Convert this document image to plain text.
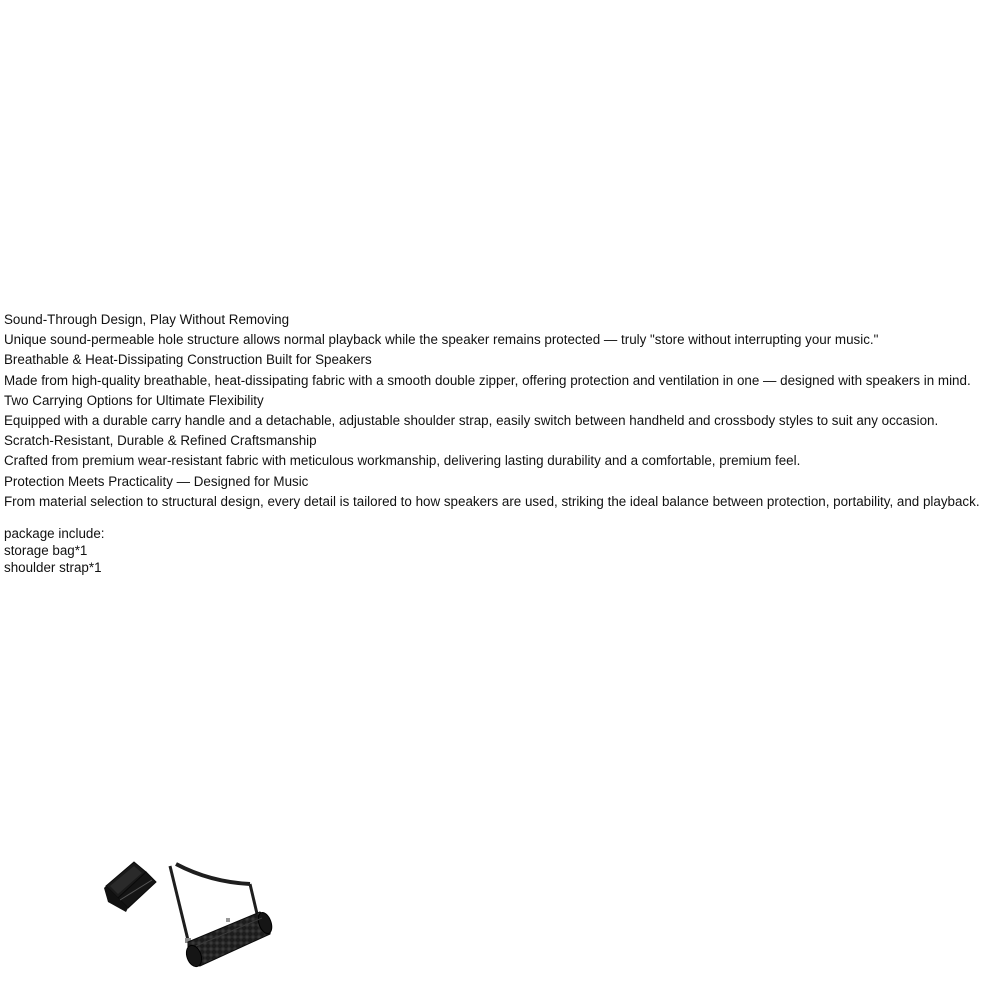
Sound-Through Design, Play Without Removing
Unique sound-permeable hole structure allows normal playback while the speaker remains protected — truly "store without interrupting your music."
Breathable & Heat-Dissipating Construction Built for Speakers
Made from high-quality breathable, heat-dissipating fabric with a smooth double zipper, offering protection and ventilation in one — designed with speakers in mind.
Two Carrying Options for Ultimate Flexibility
Equipped with a durable carry handle and a detachable, adjustable shoulder strap, easily switch between handheld and crossbody styles to suit any occasion.
Scratch-Resistant, Durable & Refined Craftsmanship
Crafted from premium wear-resistant fabric with meticulous workmanship, delivering lasting durability and a comfortable, premium feel.
Protection Meets Practicality — Designed for Music
From material selection to structural design, every detail is tailored to how speakers are used, striking the ideal balance between protection, portability, and playback.
package include:
storage bag*1
shoulder strap*1
